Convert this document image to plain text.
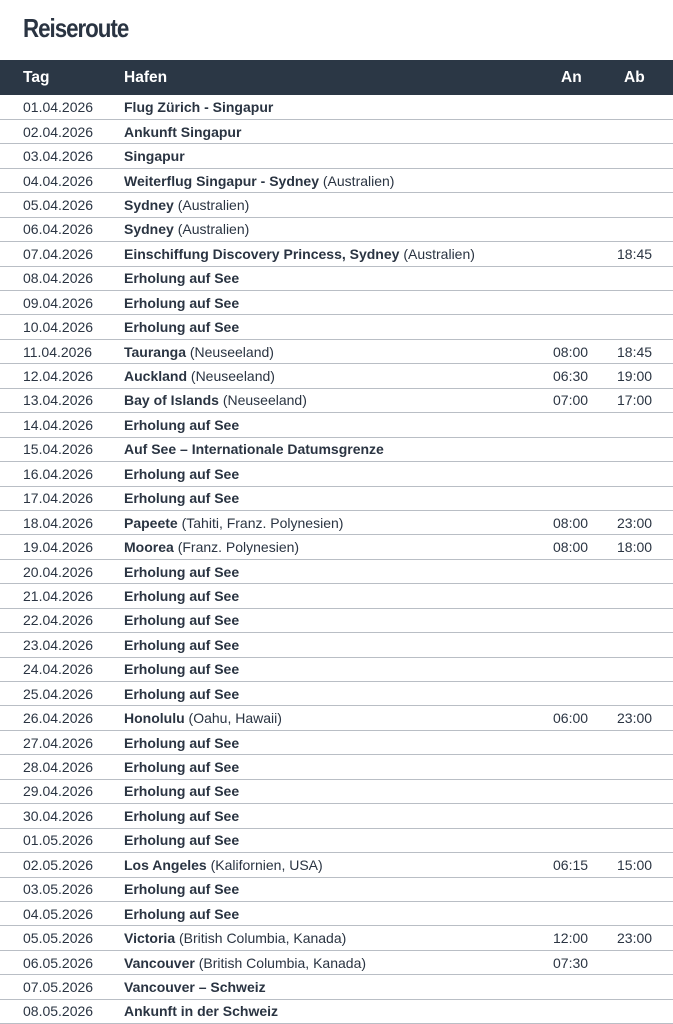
Reiseroute
Tag	Hafen	An	Ab
01.04.2026	Flug Zürich - Singapur		
02.04.2026	Ankunft Singapur		
03.04.2026	Singapur		
04.04.2026	Weiterflug Singapur - Sydney (Australien)		
05.04.2026	Sydney (Australien)		
06.04.2026	Sydney (Australien)		
07.04.2026	Einschiffung Discovery Princess, Sydney (Australien)		18:45
08.04.2026	Erholung auf See		
09.04.2026	Erholung auf See		
10.04.2026	Erholung auf See		
11.04.2026	Tauranga (Neuseeland)	08:00	18:45
12.04.2026	Auckland (Neuseeland)	06:30	19:00
13.04.2026	Bay of Islands (Neuseeland)	07:00	17:00
14.04.2026	Erholung auf See		
15.04.2026	Auf See – Internationale Datumsgrenze		
16.04.2026	Erholung auf See		
17.04.2026	Erholung auf See		
18.04.2026	Papeete (Tahiti, Franz. Polynesien)	08:00	23:00
19.04.2026	Moorea (Franz. Polynesien)	08:00	18:00
20.04.2026	Erholung auf See		
21.04.2026	Erholung auf See		
22.04.2026	Erholung auf See		
23.04.2026	Erholung auf See		
24.04.2026	Erholung auf See		
25.04.2026	Erholung auf See		
26.04.2026	Honolulu (Oahu, Hawaii)	06:00	23:00
27.04.2026	Erholung auf See		
28.04.2026	Erholung auf See		
29.04.2026	Erholung auf See		
30.04.2026	Erholung auf See		
01.05.2026	Erholung auf See		
02.05.2026	Los Angeles (Kalifornien, USA)	06:15	15:00
03.05.2026	Erholung auf See		
04.05.2026	Erholung auf See		
05.05.2026	Victoria (British Columbia, Kanada)	12:00	23:00
06.05.2026	Vancouver (British Columbia, Kanada)	07:30	
07.05.2026	Vancouver – Schweiz		
08.05.2026	Ankunft in der Schweiz		
